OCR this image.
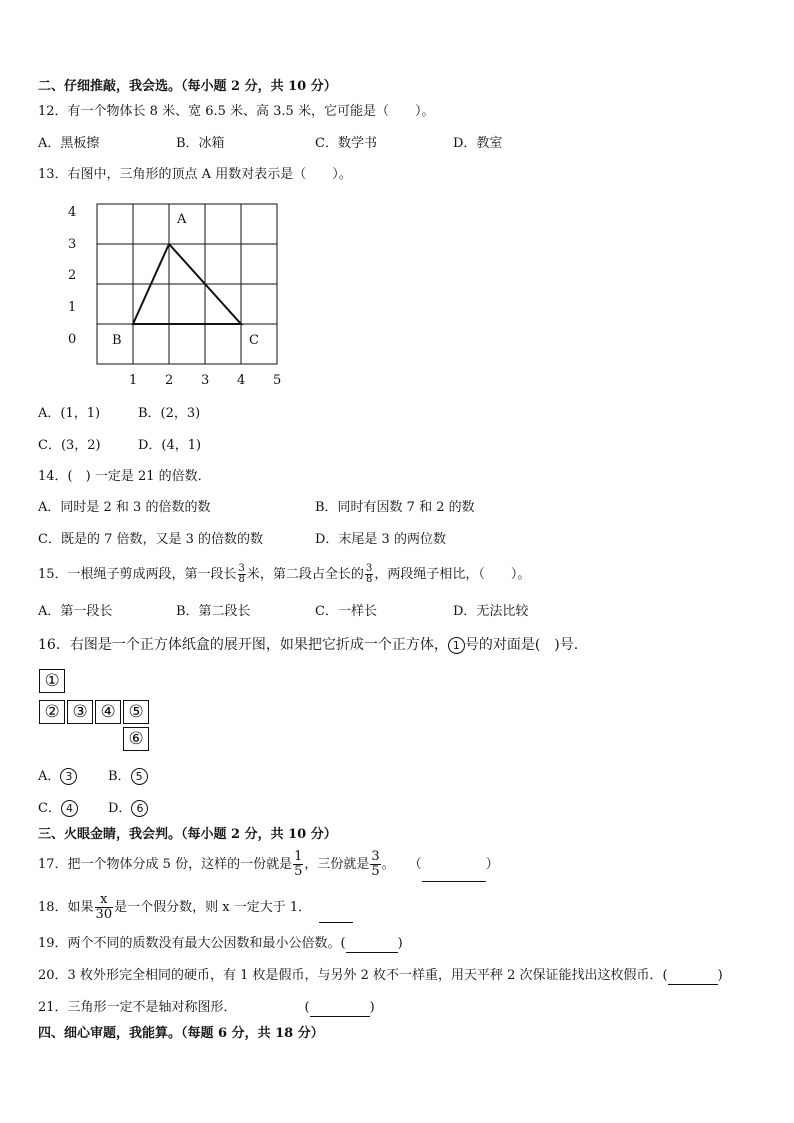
二、仔细推敲，我会选。（每小题 2 分，共 10 分）
12．有一个物体长 8 米、宽 6.5 米、高 3.5 米，它可能是（　　）。
A．黑板擦	B．冰箱	C．数学书	D．教室
13．右图中，三角形的顶点 A 用数对表示是（　　）。
4
3
2
1
0
1 2 3 4 5
A
B	C
A．(1，1)	B．(2，3)
C．(3，2)	D．(4，1)
14．(　) 一定是 21 的倍数．
A．同时是 2 和 3 的倍数的数	B．同时有因数 7 和 2 的数
C．既是的 7 倍数，又是 3 的倍数的数	D．末尾是 3 的两位数
15．一根绳子剪成两段，第一段长 $\frac{3}{8}$ 米，第二段占全长的 $\frac{3}{8}$ ，两段绳子相比，（　　）。
A．第一段长	B．第二段长	C．一样长	D．无法比较
16．右图是一个正方体纸盒的展开图，如果把它折成一个正方体， 1 号的对面是(　)号.
①
② ③ ④ ⑤
⑥
A． 3	B． 5
C． 4	D． 6
三、火眼金睛，我会判。（每小题 2 分，共 10 分）
17．把一个物体分成 5 份，这样的一份就是 $\frac{1}{5}$ ，三份就是 $\frac{3}{5}$ 。 （	）
18．如果 $\frac{x}{30}$ 是一个假分数，则 x 一定大于 1．
19．两个不同的质数没有最大公因数和最小公倍数。(	)
20．3 枚外形完全相同的硬币，有 1 枚是假币，与另外 2 枚不一样重，用天平秤 2 次保证能找出这枚假币．(	)
21．三角形一定不是轴对称图形．	(	)
四、细心审题，我能算。（每题 6 分，共 18 分）
